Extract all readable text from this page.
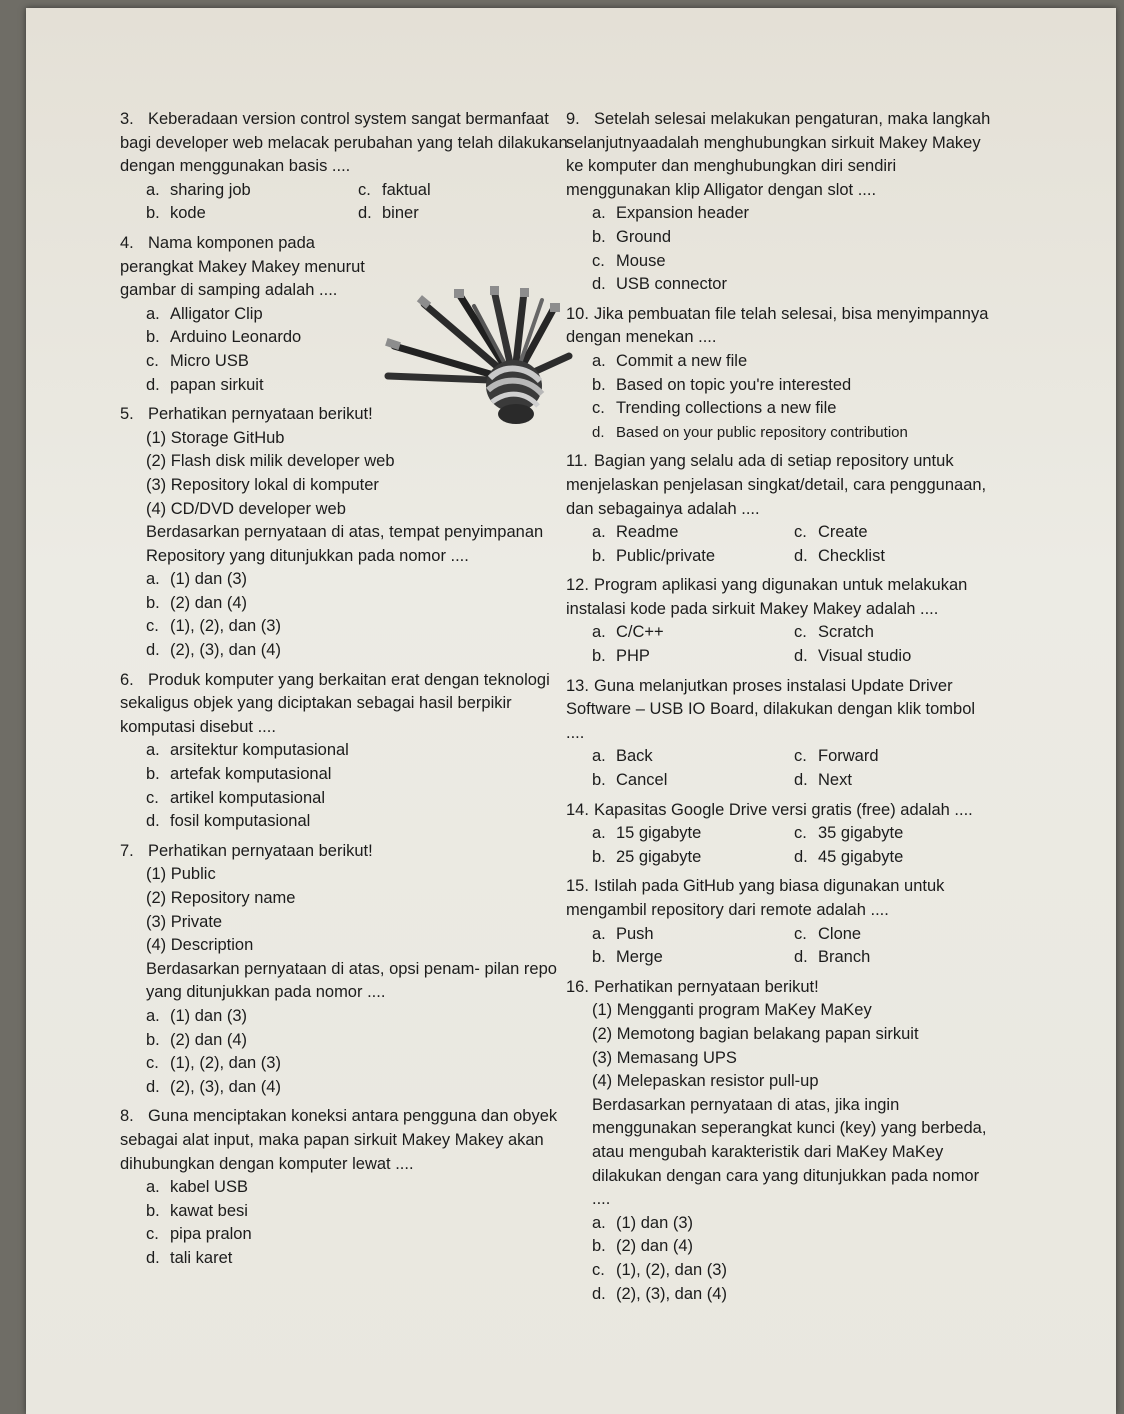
3. Keberadaan version control system sangat bermanfaat bagi developer web melacak perubahan yang telah dilakukan dengan menggunakan basis ....
a. sharing job	c. faktual
b. kode	d. biner
4. Nama komponen pada perangkat Makey Makey menurut gambar di samping adalah ....
a. Alligator Clip
b. Arduino Leonardo
c. Micro USB
d. papan sirkuit
5. Perhatikan pernyataan berikut!
(1) Storage GitHub
(2) Flash disk milik developer web
(3) Repository lokal di komputer
(4) CD/DVD developer web
Berdasarkan pernyataan di atas, tempat penyimpanan Repository yang ditunjukkan pada nomor ....
a. (1) dan (3)
b. (2) dan (4)
c. (1), (2), dan (3)
d. (2), (3), dan (4)
6. Produk komputer yang berkaitan erat dengan teknologi sekaligus objek yang diciptakan sebagai hasil berpikir komputasi disebut ....
a. arsitektur komputasional
b. artefak komputasional
c. artikel komputasional
d. fosil komputasional
7. Perhatikan pernyataan berikut!
(1) Public
(2) Repository name
(3) Private
(4) Description
Berdasarkan pernyataan di atas, opsi penam- pilan repo yang ditunjukkan pada nomor ....
a. (1) dan (3)
b. (2) dan (4)
c. (1), (2), dan (3)
d. (2), (3), dan (4)
8. Guna menciptakan koneksi antara pengguna dan obyek sebagai alat input, maka papan sirkuit Makey Makey akan dihubungkan dengan komputer lewat ....
a. kabel USB
b. kawat besi
c. pipa pralon
d. tali karet
9. Setelah selesai melakukan pengaturan, maka langkah selanjutnyaadalah menghubungkan sirkuit Makey Makey ke komputer dan menghubungkan diri sendiri menggunakan klip Alligator dengan slot ....
a. Expansion header
b. Ground
c. Mouse
d. USB connector
10. Jika pembuatan file telah selesai, bisa menyimpannya dengan menekan ....
a. Commit a new file
b. Based on topic you're interested
c. Trending collections a new file
d. Based on your public repository contribution
11. Bagian yang selalu ada di setiap repository untuk menjelaskan penjelasan singkat/detail, cara penggunaan, dan sebagainya adalah ....
a. Readme	c. Create
b. Public/private	d. Checklist
12. Program aplikasi yang digunakan untuk melakukan instalasi kode pada sirkuit Makey Makey adalah ....
a. C/C++	c. Scratch
b. PHP	d. Visual studio
13. Guna melanjutkan proses instalasi Update Driver Software – USB IO Board, dilakukan dengan klik tombol ....
a. Back	c. Forward
b. Cancel	d. Next
14. Kapasitas Google Drive versi gratis (free) adalah ....
a. 15 gigabyte	c. 35 gigabyte
b. 25 gigabyte	d. 45 gigabyte
15. Istilah pada GitHub yang biasa digunakan untuk mengambil repository dari remote adalah ....
a. Push	c. Clone
b. Merge	d. Branch
16. Perhatikan pernyataan berikut!
(1) Mengganti program MaKey MaKey
(2) Memotong bagian belakang papan sirkuit
(3) Memasang UPS
(4) Melepaskan resistor pull-up
Berdasarkan pernyataan di atas, jika ingin menggunakan seperangkat kunci (key) yang berbeda, atau mengubah karakteristik dari MaKey MaKey dilakukan dengan cara yang ditunjukkan pada nomor ....
a. (1) dan (3)
b. (2) dan (4)
c. (1), (2), dan (3)
d. (2), (3), dan (4)
